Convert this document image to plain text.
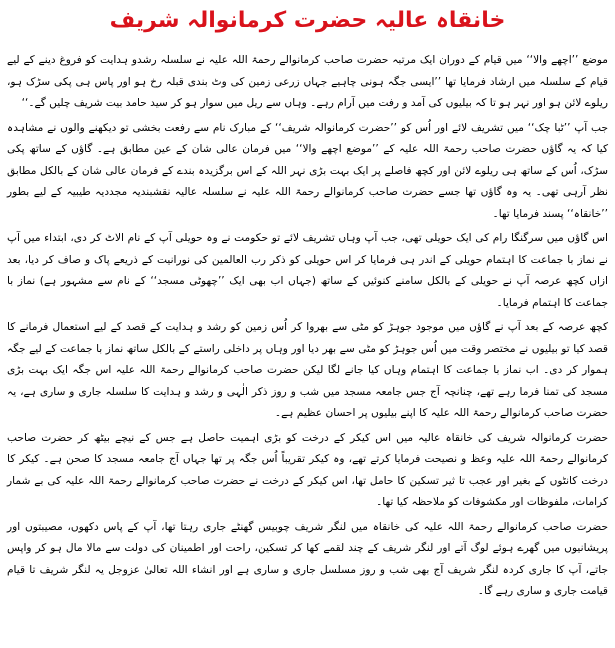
خانقاہ عالیہ حضرت کرمانوالہ شریف

موضع ’’اچھے والا‘‘ میں قیام کے دوران ایک مرتبہ حضرت صاحب کرمانوالے رحمۃ اللہ علیہ نے سلسلہ رشدو ہدایت کو فروغ دینے کے لیے قیام کے سلسلہ میں ارشاد فرمایا تھا ’’ایسی جگہ ہونی چاہیے جہاں زرعی زمین کی وٹ بندی قبلہ رخ ہو اور پاس ہی پکی سڑک ہو، ریلوے لائن ہو اور نہر ہو تا کہ بیلیوں کی آمد و رفت میں آرام رہے۔ وہاں سے ریل میں سوار ہو کر سید حامد بیت شریف چلیں گے۔‘‘

جب آپ ’’ٹبا چک‘‘ میں تشریف لائے اور اُس کو ’’حضرت کرمانوالہ شریف‘‘ کے مبارک نام سے رفعت بخشی تو دیکھنے والوں نے مشاہدہ کیا کہ یہ گاؤں حضرت صاحب رحمۃ اللہ علیہ کے ’’موضع اچھے والا‘‘ میں فرمان عالی شان کے عین مطابق ہے۔ گاؤں کے ساتھ پکی سڑک، اُس کے ساتھ ہی ریلوے لائن اور کچھ فاصلے پر ایک بہت بڑی نہر اللہ کے اس برگزیدہ بندے کے فرمان عالی شان کے بالکل مطابق نظر آرہی تھی۔ یہ وہ گاؤں تھا جسے حضرت صاحب کرمانوالے رحمۃ اللہ علیہ نے سلسلہ عالیہ نقشبندیہ مجددیہ طیبیہ کے لیے بطور ’’خانقاہ‘‘ پسند فرمایا تھا۔

اس گاؤں میں سرگنگا رام کی ایک حویلی تھی، جب آپ وہاں تشریف لائے تو حکومت نے وہ حویلی آپ کے نام الاٹ کر دی، ابتداء میں آپ نے نماز با جماعت کا اہتمام حویلی کے اندر ہی فرمایا کر اس حویلی کو ذکر رب العالمین کی نورانیت کے ذریعے پاک و صاف کر دیا، بعد ازاں کچھ عرصہ آپ نے حویلی کے بالکل سامنے کنوئیں کے ساتھ (جہاں اب بھی ایک ’’چھوٹی مسجد‘‘ کے نام سے مشہور ہے) نماز با جماعت کا اہتمام فرمایا۔

کچھ عرصہ کے بعد آپ نے گاؤں میں موجود جوہڑ کو مٹی سے بھروا کر اُس زمین کو رشد و ہدایت کے قصد کے لیے استعمال فرمانے کا قصد کیا تو بیلیوں نے مختصر وقت میں اُس جوہڑ کو مٹی سے بھر دیا اور وہاں پر داخلی راستے کے بالکل ساتھ نماز با جماعت کے لیے جگہ ہموار کر دی۔ اب نماز با جماعت کا اہتمام وہاں کیا جانے لگا لیکن حضرت صاحب کرمانوالے رحمۃ اللہ علیہ اس جگہ ایک بہت بڑی مسجد کی تمنا فرما رہے تھے، چنانچہ آج جس جامعہ مسجد میں شب و روز ذکر الٰہی و رشد و ہدایت کا سلسلہ جاری و ساری ہے، یہ حضرت صاحب کرمانوالے رحمۃ اللہ علیہ کا اپنے بیلیوں پر احسان عظیم ہے۔

حضرت کرمانوالہ شریف کی خانقاہ عالیہ میں اس کیکر کے درخت کو بڑی اہمیت حاصل ہے جس کے نیچے بیٹھ کر حضرت صاحب کرمانوالے رحمۃ اللہ علیہ وعظ و نصیحت فرمایا کرتے تھے، وہ کیکر تقریباً اُس جگہ پر تھا جہاں آج جامعہ مسجد کا صحن ہے۔ کیکر کا درخت کانٹوں کے بغیر اور عجب تا ثیر تسکین کا حامل تھا، اس کیکر کے درخت نے حضرت صاحب کرمانوالے رحمۃ اللہ علیہ کی بے شمار کرامات، ملفوظات اور مکشوفات کو ملاحظہ کیا تھا۔

حضرت صاحب کرمانوالے رحمۃ اللہ علیہ کی خانقاہ میں لنگر شریف چوبیس گھنٹے جاری رہتا تھا، آپ کے پاس دکھوں، مصیبتوں اور پریشانیوں میں گھرے ہوئے لوگ آتے اور لنگر شریف کے چند لقمے کھا کر تسکین، راحت اور اطمینان کی دولت سے مالا مال ہو کر واپس جاتے، آپ کا جاری کردہ لنگر شریف آج بھی شب و روز مسلسل جاری و ساری ہے اور انشاء اللہ تعالیٰ عزوجل یہ لنگر شریف تا قیام قیامت جاری و ساری رہے گا۔
